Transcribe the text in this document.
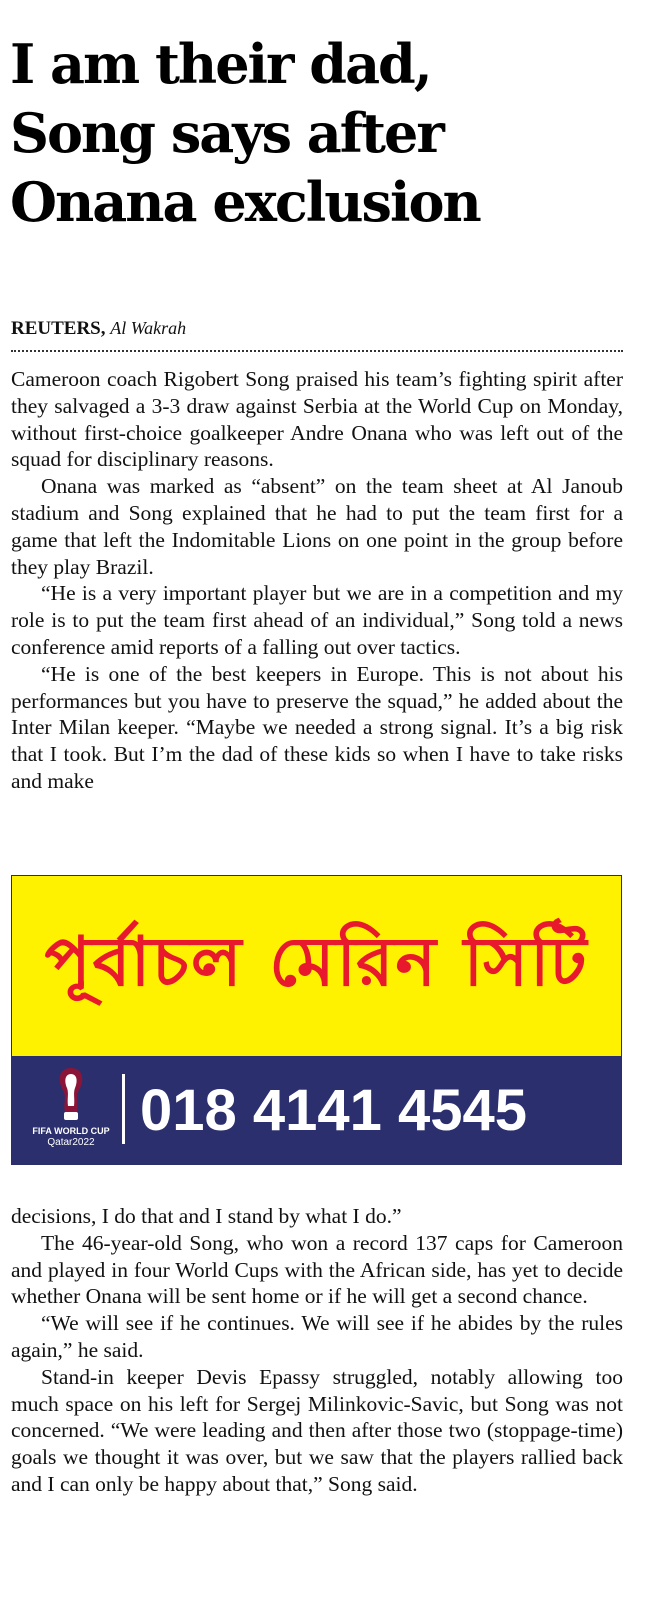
I am their dad,
Song says after
Onana exclusion
REUTERS, Al Wakrah

Cameroon coach Rigobert Song praised his team’s fighting spirit after they salvaged a 3-3 draw against Serbia at the World Cup on Monday, without first-choice goalkeeper Andre Onana who was left out of the squad for disciplinary reasons.

Onana was marked as “absent” on the team sheet at Al Janoub stadium and Song explained that he had to put the team first for a game that left the Indomitable Lions on one point in the group before they play Brazil.

“He is a very important player but we are in a competition and my role is to put the team first ahead of an individual,” Song told a news conference amid reports of a falling out over tactics.

“He is one of the best keepers in Europe. This is not about his performances but you have to preserve the squad,” he added about the Inter Milan keeper. “Maybe we needed a strong signal. It’s a big risk that I took. But I’m the dad of these kids so when I have to take risks and make

পূর্বাচল মেরিন সিটি
FIFA WORLD CUP
Qatar2022 018 4141 4545

decisions, I do that and I stand by what I do.”

The 46-year-old Song, who won a record 137 caps for Cameroon and played in four World Cups with the African side, has yet to decide whether Onana will be sent home or if he will get a second chance.

“We will see if he continues. We will see if he abides by the rules again,” he said.

Stand-in keeper Devis Epassy struggled, notably allowing too much space on his left for Sergej Milinkovic-Savic, but Song was not concerned. “We were leading and then after those two (stoppage-time) goals we thought it was over, but we saw that the players rallied back and I can only be happy about that,” Song said.
